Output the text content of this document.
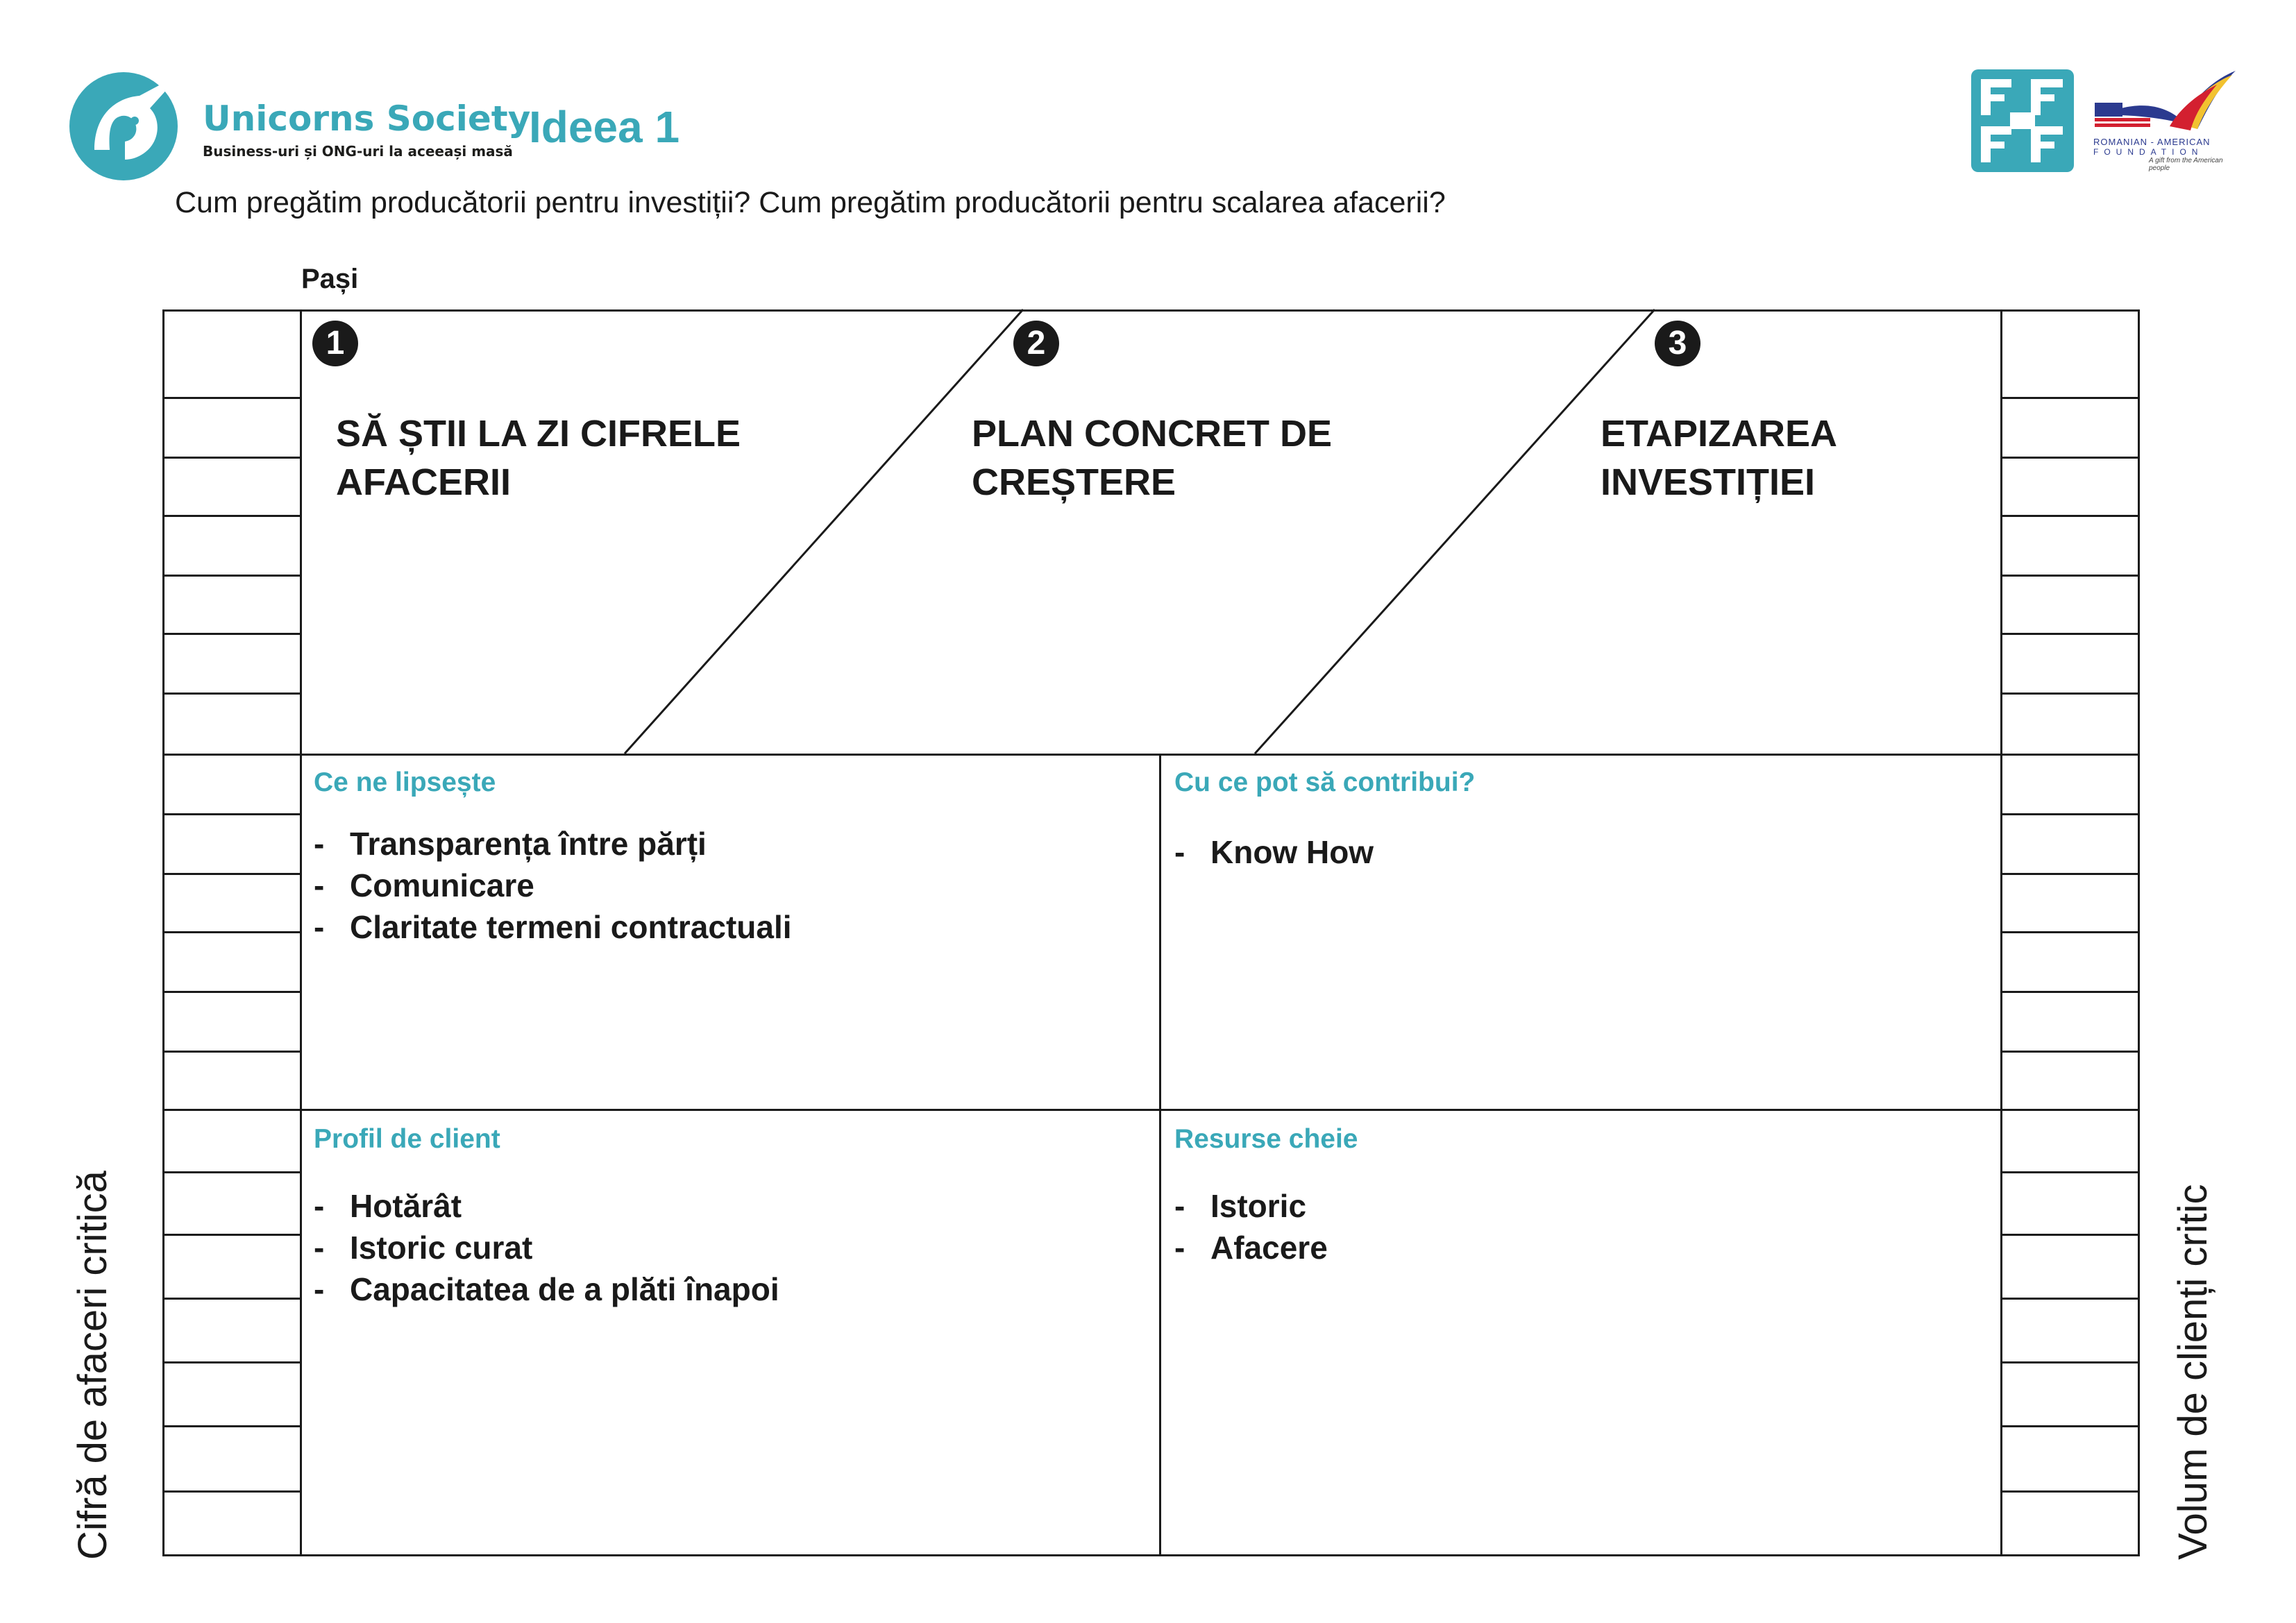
Unicorns Society
Business-uri și ONG-uri la aceeași masă Ideea 1	ROMANIAN - AMERICAN
FOUNDATION
A gift from the American people
Cum pregătim producătorii pentru investiții? Cum pregătim producătorii pentru scalarea afacerii?
Pași
1
SĂ ȘTII LA ZI CIFRELE
AFACERII
2
PLAN CONCRET DE
CREȘTERE
3
ETAPIZAREA
INVESTIȚIEI
Ce ne lipsește
- Transparența între părți
- Comunicare
- Claritate termeni contractuali
Cu ce pot să contribui?
- Know How
Profil de client
- Hotărât
- Istoric curat
- Capacitatea de a plăti înapoi
Resurse cheie
- Istoric
- Afacere
Cifră de afaceri critică	Volum de clienți critic
